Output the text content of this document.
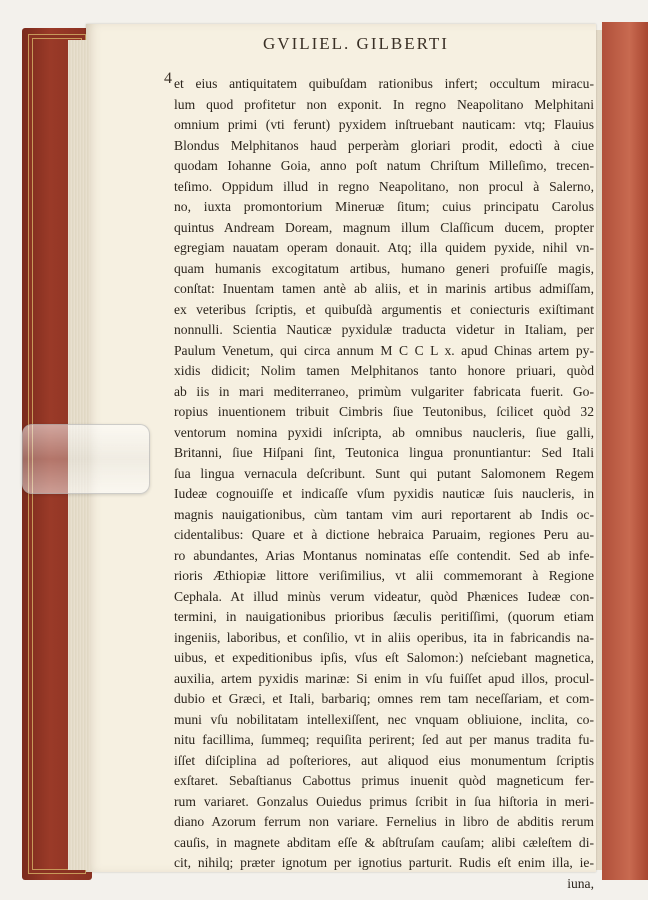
GVILIEL. GILBERTI
4 et eius antiquitatem quibuſdam rationibus infert; occultum miracu-
lum quod profitetur non exponit. In regno Neapolitano Melphitani
omnium primi (vti ferunt) pyxidem inſtruebant nauticam: vtq; Flauius
Blondus Melphitanos haud perperàm gloriari prodit, edoctì à ciue
quodam Iohanne Goia, anno poſt natum Chriſtum Milleſimo, trecen-
teſimo. Oppidum illud in regno Neapolitano, non procul à Salerno,
no, iuxta promontorium Mineruæ ſitum; cuius principatu Carolus
quintus Andream Doream, magnum illum Claſſicum ducem, propter
egregiam nauatam operam donauit. Atq; illa quidem pyxide, nihil vn-
quam humanis excogitatum artibus, humano generi profuiſſe magis,
conſtat: Inuentam tamen antè ab aliis, et in marinis artibus admiſſam,
ex veteribus ſcriptis, et quibuſdà argumentis et coniecturis exiſtimant
nonnulli. Scientia Nauticæ pyxidulæ traducta videtur in Italiam, per
Paulum Venetum, qui circa annum M C C L x. apud Chinas artem py-
xidis didicit; Nolim tamen Melphitanos tanto honore priuari, quòd
ab iis in mari mediterraneo, primùm vulgariter fabricata fuerit. Go-
ropius inuentionem tribuit Cimbris ſiue Teutonibus, ſcilicet quòd 32
ventorum nomina pyxidi inſcripta, ab omnibus naucleris, ſiue galli,
Britanni, ſiue Hiſpani ſint, Teutonica lingua pronuntiantur: Sed Itali
ſua lingua vernacula deſcribunt. Sunt qui putant Salomonem Regem
Iudeæ cognouiſſe et indicaſſe vſum pyxidis nauticæ ſuis naucleris, in
magnis nauigationibus, cùm tantam vim auri reportarent ab Indis oc-
cidentalibus: Quare et à dictione hebraica Paruaim, regiones Peru au-
ro abundantes, Arias Montanus nominatas eſſe contendit. Sed ab infe-
rioris Æthiopiæ littore veriſimilius, vt alii commemorant à Regione
Cephala. At illud minùs verum videatur, quòd Phænices Iudeæ con-
termini, in nauigationibus prioribus ſæculis peritiſſimi, (quorum etiam
ingeniis, laboribus, et conſilio, vt in aliis operibus, ita in fabricandis na-
uibus, et expeditionibus ipſis, vſus eſt Salomon:) neſciebant magnetica,
auxilia, artem pyxidis marinæ: Si enim in vſu fuiſſet apud illos, procul-
dubio et Græci, et Itali, barbariq; omnes rem tam neceſſariam, et com-
muni vſu nobilitatam intellexiſſent, nec vnquam obliuione, inclita, co-
nitu facillima, ſummeq; requiſita perirent; ſed aut per manus tradita fu-
iſſet diſciplina ad poſteriores, aut aliquod eius monumentum ſcriptis
exſtaret. Sebaſtianus Cabottus primus inuenit quòd magneticum fer-
rum variaret. Gonzalus Ouiedus primus ſcribit in ſua hiſtoria in meri-
diano Azorum ferrum non variare. Fernelius in libro de abditis rerum
cauſis, in magnete abditam eſſe & abſtruſam cauſam; alibi cæleſtem di-
cit, nihilq; præter ignotum per ignotius parturit. Rudis eſt enim illa, ie-
iuna,
